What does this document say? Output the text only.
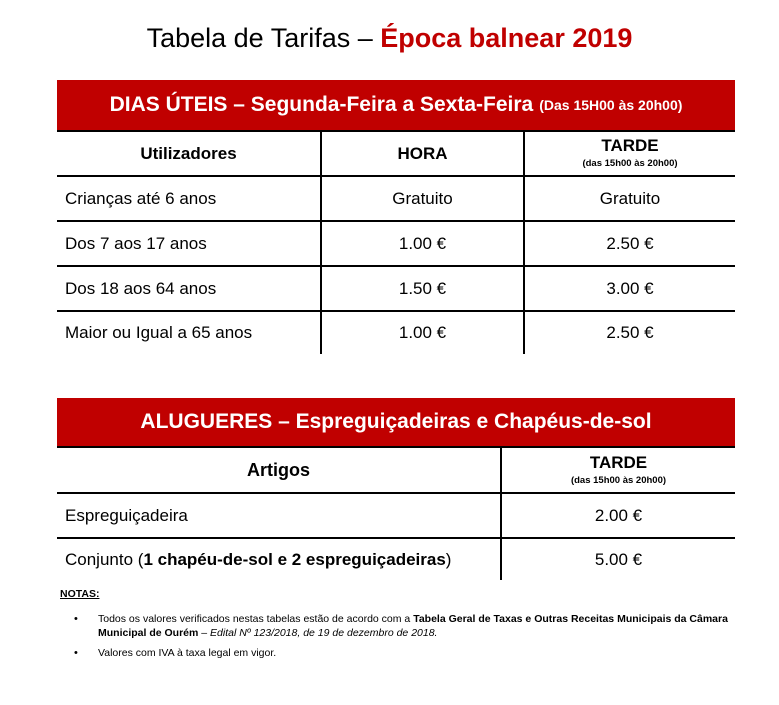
Tabela de Tarifas – Época balnear 2019
DIAS ÚTEIS – Segunda-Feira a Sexta-Feira (Das 15H00 às 20h00)
Utilizadores	HORA	TARDE
(das 15h00 às 20h00)
Crianças até 6 anos	Gratuito	Gratuito
Dos 7 aos 17 anos	1.00 €	2.50 €
Dos 18 aos 64 anos	1.50 €	3.00 €
Maior ou Igual a 65 anos	1.00 €	2.50 €
ALUGUERES – Espreguiçadeiras e Chapéus-de-sol
Artigos	TARDE
(das 15h00 às 20h00)
Espreguiçadeira	2.00 €
Conjunto ( 1 chapéu-de-sol e 2 espreguiçadeiras )	5.00 €
NOTAS:
• Todos os valores verificados nestas tabelas estão de acordo com a Tabela Geral de Taxas e Outras Receitas Municipais da Câmara Municipal de Ourém – Edital Nº 123/2018, de 19 de dezembro de 2018.
• Valores com IVA à taxa legal em vigor.
